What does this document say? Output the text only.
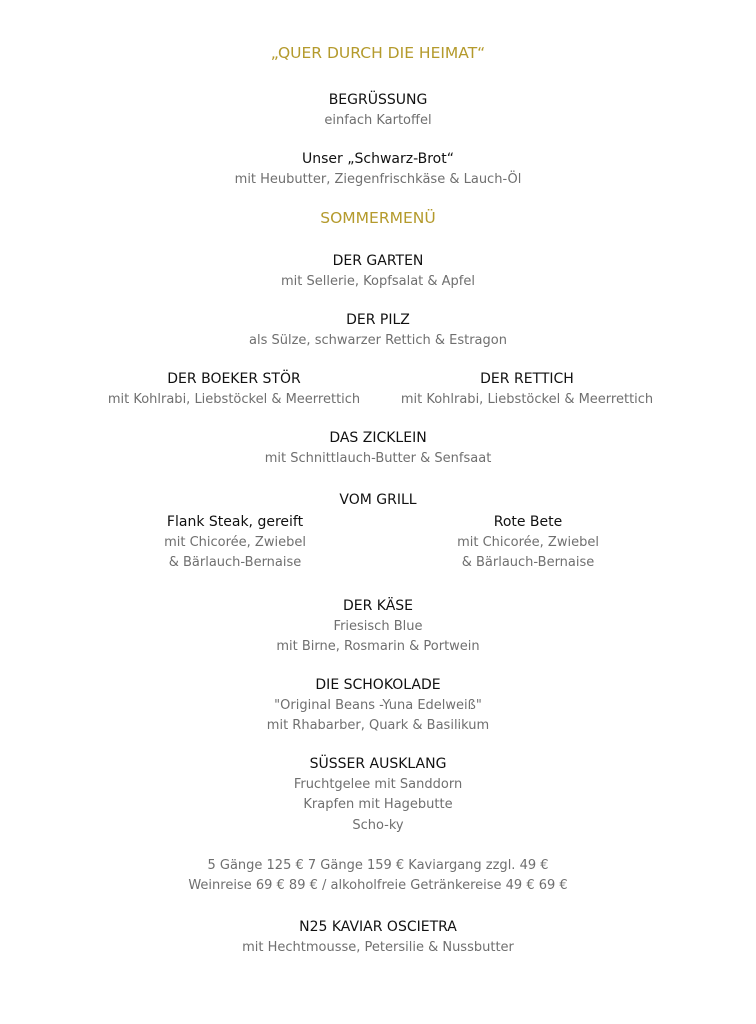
„QUER DURCH DIE HEIMAT“
BEGRÜSSUNG
einfach Kartoffel
Unser „Schwarz-Brot“
mit Heubutter, Ziegenfrischkäse & Lauch-Öl
SOMMERMENÜ
DER GARTEN
mit Sellerie, Kopfsalat & Apfel
DER PILZ
als Sülze, schwarzer Rettich & Estragon
DER BOEKER STÖR
mit Kohlrabi, Liebstöckel & Meerrettich
DER RETTICH
mit Kohlrabi, Liebstöckel & Meerrettich
DAS ZICKLEIN
mit Schnittlauch-Butter & Senfsaat
VOM GRILL
Flank Steak, gereift
mit Chicorée, Zwiebel
& Bärlauch-Bernaise
Rote Bete
mit Chicorée, Zwiebel
& Bärlauch-Bernaise
DER KÄSE
Friesisch Blue
mit Birne, Rosmarin & Portwein
DIE SCHOKOLADE
"Original Beans -Yuna Edelweiß"
mit Rhabarber, Quark & Basilikum
SÜSSER AUSKLANG
Fruchtgelee mit Sanddorn
Krapfen mit Hagebutte
Scho-ky
5 Gänge 125 € 7 Gänge 159 € Kaviargang zzgl. 49 €
Weinreise 69 € 89 € / alkoholfreie Getränkereise 49 € 69 €
N25 KAVIAR OSCIETRA
mit Hechtmousse, Petersilie & Nussbutter
